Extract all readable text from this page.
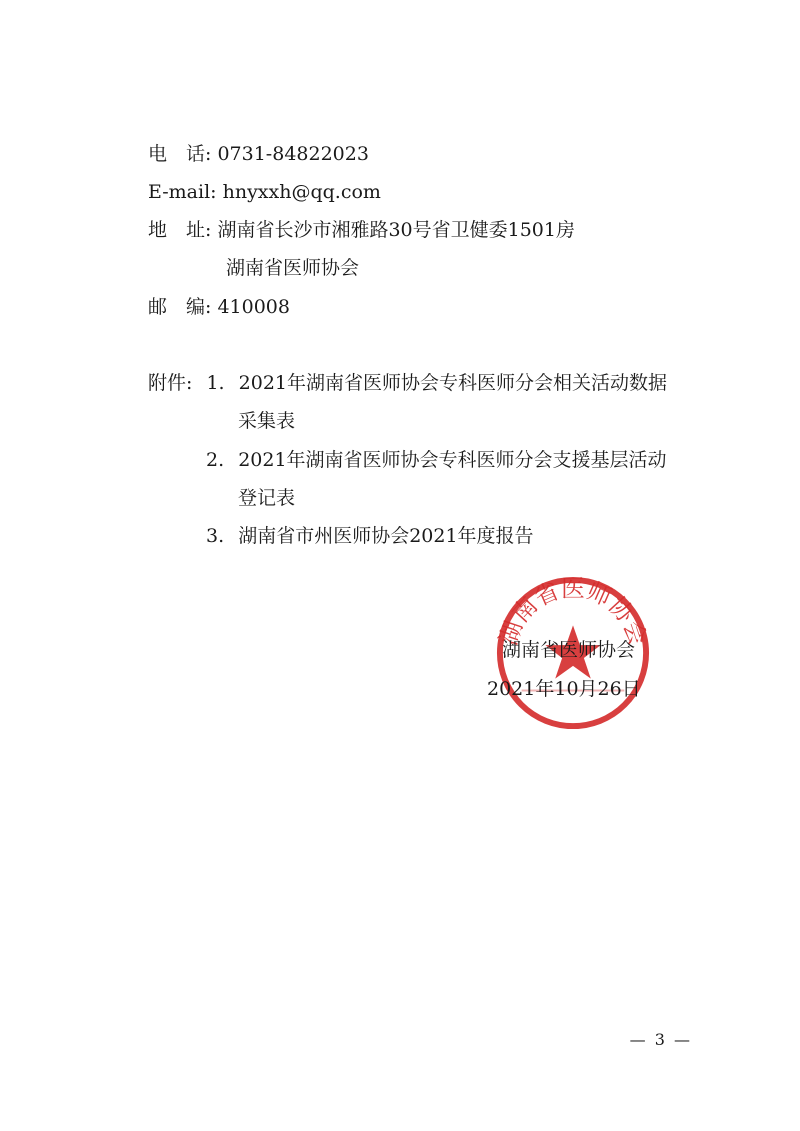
电　话: 0731-84822023
E-mail: hnyxxh@qq.com
地　址: 湖南省长沙市湘雅路30号省卫健委1501房
湖南省医师协会
邮　编: 410008
附件: 1. 2021年湖南省医师协会专科医师分会相关活动数据
采集表
2. 2021年湖南省医师协会专科医师分会支援基层活动
登记表
3. 湖南省市州医师协会2021年度报告
湖南省医师协会
湖南省医师协会
2021年10月26日
— 3 —
